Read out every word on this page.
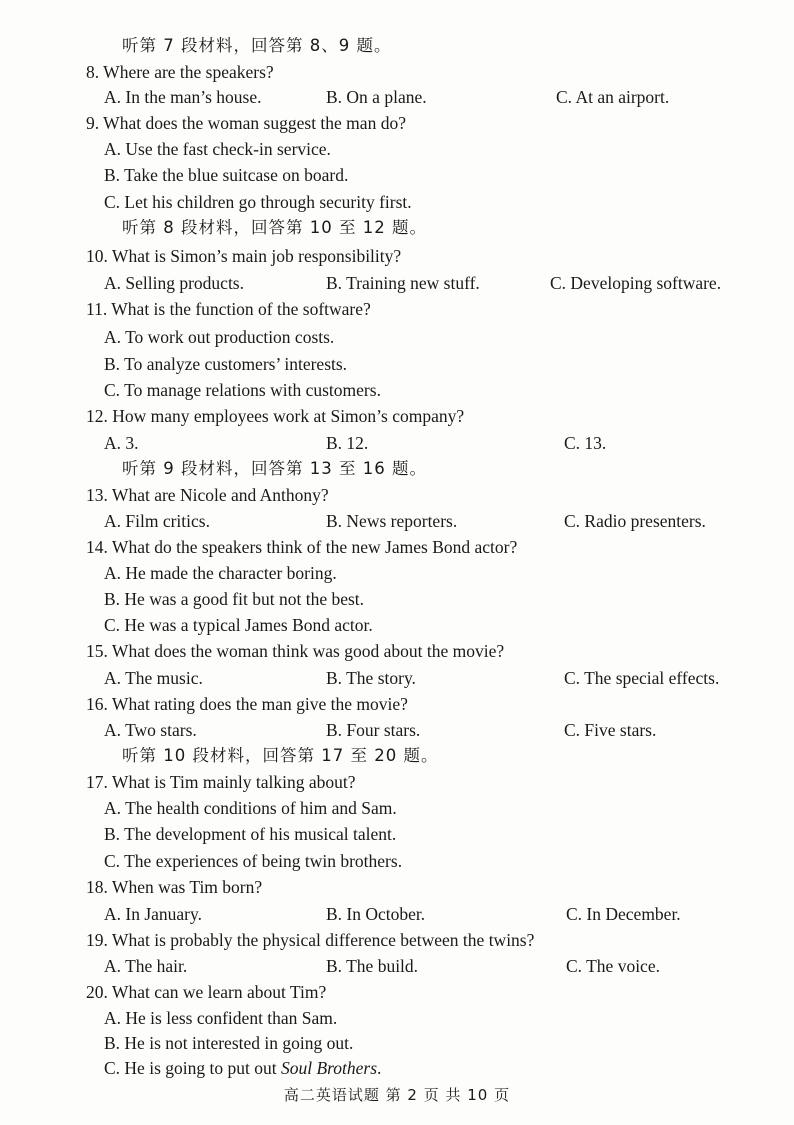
听第 7 段材料，回答第 8、9 题。
8. Where are the speakers?
A. In the man’s house.	B. On a plane.	C. At an airport.
9. What does the woman suggest the man do?
A. Use the fast check-in service.
B. Take the blue suitcase on board.
C. Let his children go through security first.
听第 8 段材料，回答第 10 至 12 题。
10. What is Simon’s main job responsibility?
A. Selling products.	B. Training new stuff.	C. Developing software.
11. What is the function of the software?
A. To work out production costs.
B. To analyze customers’ interests.
C. To manage relations with customers.
12. How many employees work at Simon’s company?
A. 3.	B. 12.	C. 13.
听第 9 段材料，回答第 13 至 16 题。
13. What are Nicole and Anthony?
A. Film critics.	B. News reporters.	C. Radio presenters.
14. What do the speakers think of the new James Bond actor?
A. He made the character boring.
B. He was a good fit but not the best.
C. He was a typical James Bond actor.
15. What does the woman think was good about the movie?
A. The music.	B. The story.	C. The special effects.
16. What rating does the man give the movie?
A. Two stars.	B. Four stars.	C. Five stars.
听第 10 段材料，回答第 17 至 20 题。
17. What is Tim mainly talking about?
A. The health conditions of him and Sam.
B. The development of his musical talent.
C. The experiences of being twin brothers.
18. When was Tim born?
A. In January.	B. In October.	C. In December.
19. What is probably the physical difference between the twins?
A. The hair.	B. The build.	C. The voice.
20. What can we learn about Tim?
A. He is less confident than Sam.
B. He is not interested in going out.
C. He is going to put out Soul Brothers.
高二英语试题 第 2 页 共 10 页
